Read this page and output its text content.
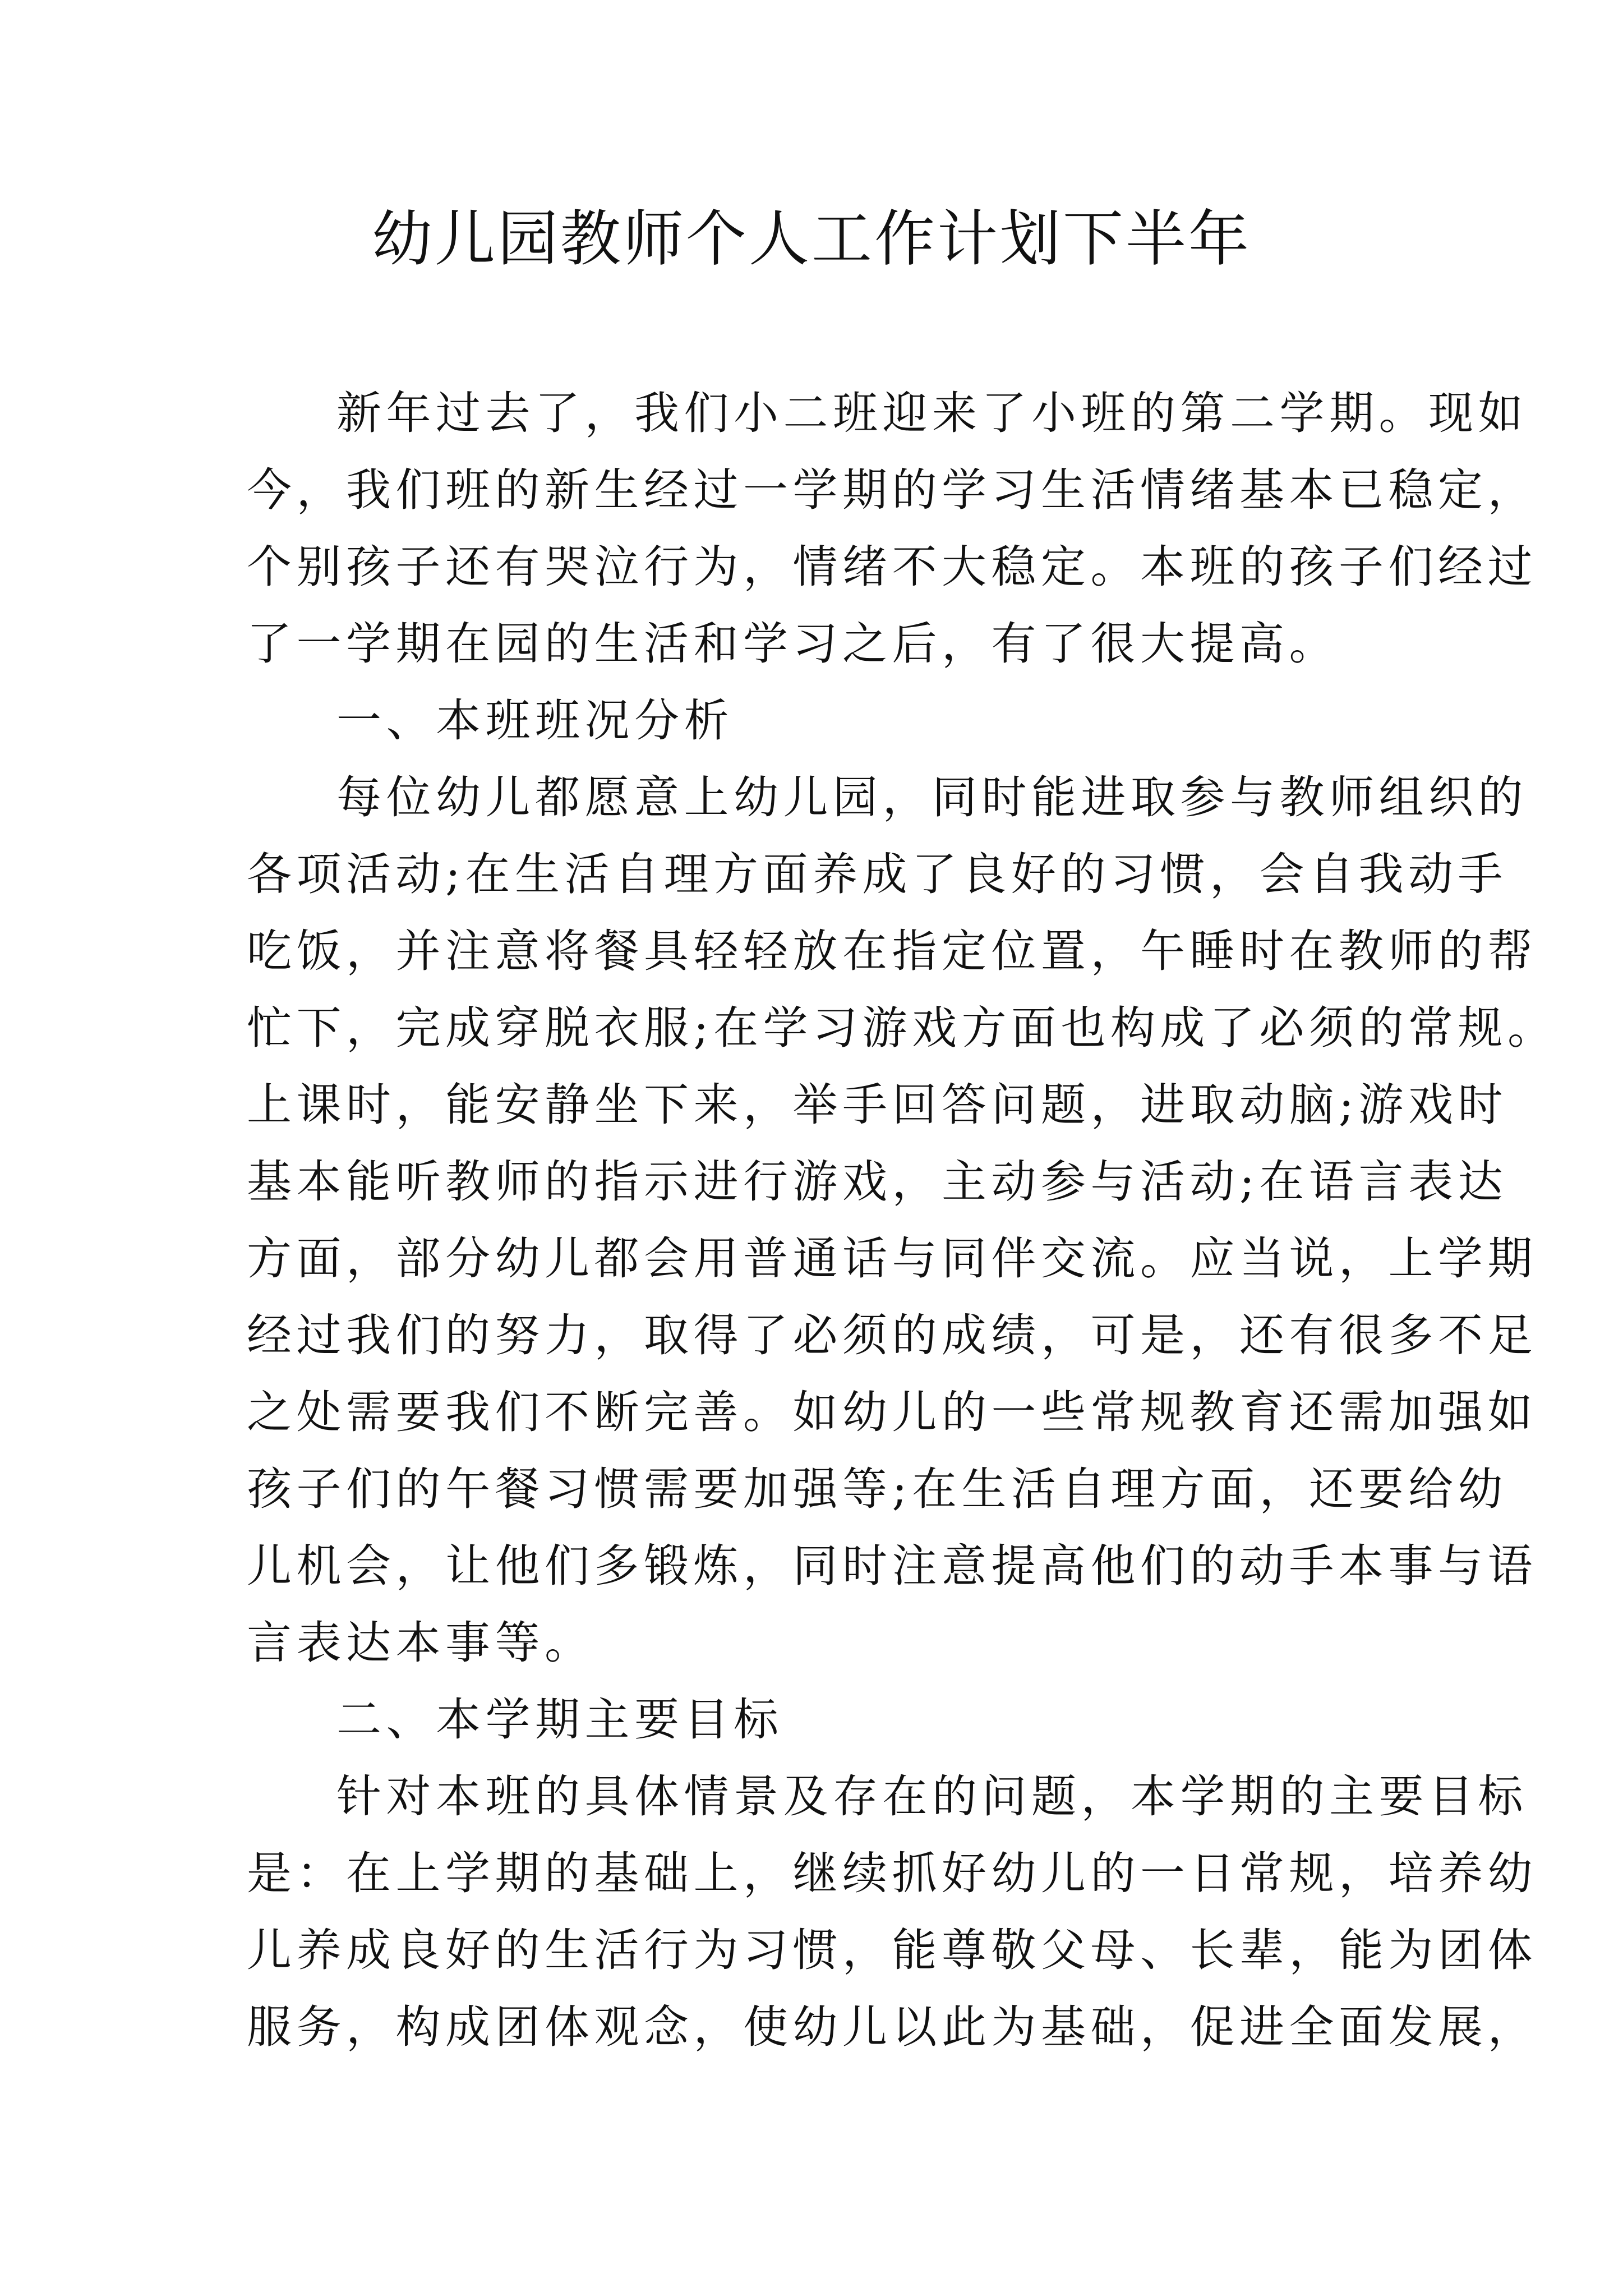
幼儿园教师个人工作计划下半年

新年过去了，我们小二班迎来了小班的第二学期。现如
今，我们班的新生经过一学期的学习生活情绪基本已稳定，
个别孩子还有哭泣行为，情绪不大稳定。本班的孩子们经过
了一学期在园的生活和学习之后，有了很大提高。

一、本班班况分析

每位幼儿都愿意上幼儿园，同时能进取参与教师组织的
各项活动;在生活自理方面养成了良好的习惯，会自我动手
吃饭，并注意将餐具轻轻放在指定位置，午睡时在教师的帮
忙下，完成穿脱衣服;在学习游戏方面也构成了必须的常规。
上课时，能安静坐下来，举手回答问题，进取动脑;游戏时
基本能听教师的指示进行游戏，主动参与活动;在语言表达
方面，部分幼儿都会用普通话与同伴交流。应当说，上学期
经过我们的努力，取得了必须的成绩，可是，还有很多不足
之处需要我们不断完善。如幼儿的一些常规教育还需加强如
孩子们的午餐习惯需要加强等;在生活自理方面，还要给幼
儿机会，让他们多锻炼，同时注意提高他们的动手本事与语
言表达本事等。

二、本学期主要目标

针对本班的具体情景及存在的问题，本学期的主要目标
是：在上学期的基础上，继续抓好幼儿的一日常规，培养幼
儿养成良好的生活行为习惯，能尊敬父母、长辈，能为团体
服务，构成团体观念，使幼儿以此为基础，促进全面发展，
